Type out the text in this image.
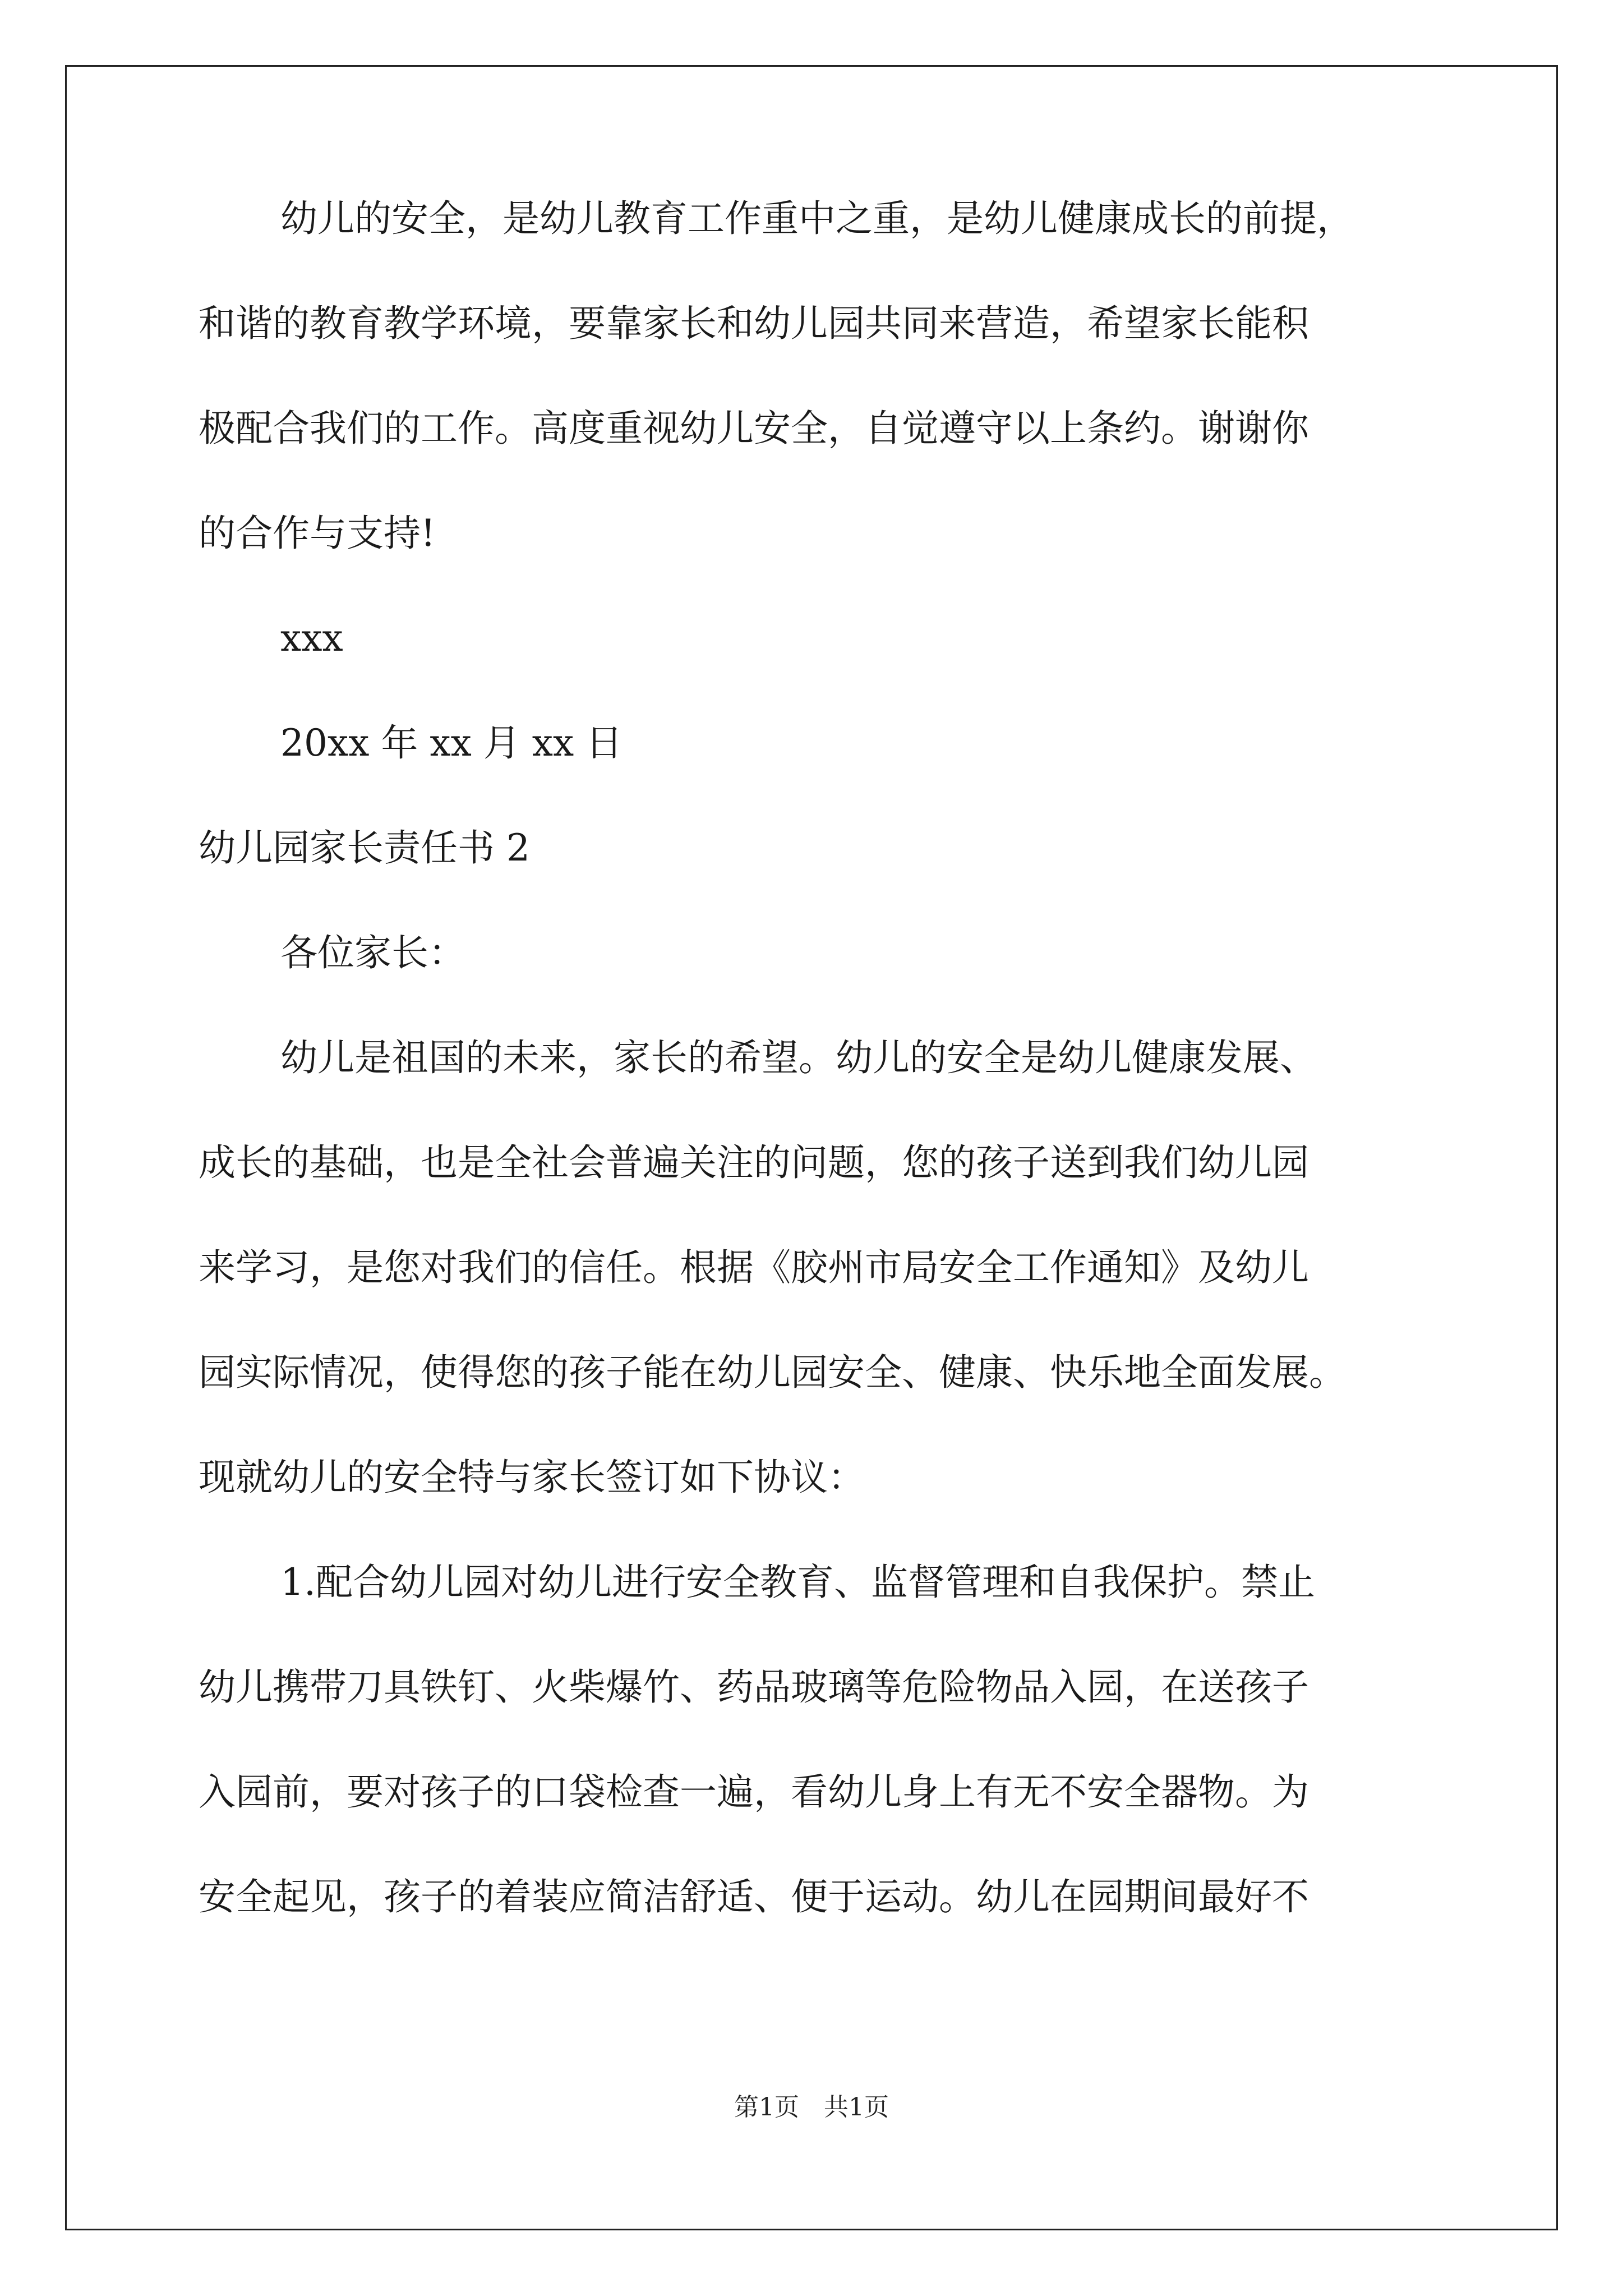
幼儿的安全，是幼儿教育工作重中之重，是幼儿健康成长的前提，
和谐的教育教学环境，要靠家长和幼儿园共同来营造，希望家长能积
极配合我们的工作。高度重视幼儿安全，自觉遵守以上条约。谢谢你
的合作与支持!
xxx
20xx 年 xx 月 xx 日
幼儿园家长责任书 2
各位家长：
幼儿是祖国的未来，家长的希望。幼儿的安全是幼儿健康发展、
成长的基础，也是全社会普遍关注的问题，您的孩子送到我们幼儿园
来学习，是您对我们的信任。根据《胶州市局安全工作通知》及幼儿
园实际情况，使得您的孩子能在幼儿园安全、健康、快乐地全面发展。
现就幼儿的安全特与家长签订如下协议：
1.配合幼儿园对幼儿进行安全教育、监督管理和自我保护。禁止
幼儿携带刀具铁钉、火柴爆竹、药品玻璃等危险物品入园，在送孩子
入园前，要对孩子的口袋检查一遍，看幼儿身上有无不安全器物。为
安全起见，孩子的着装应简洁舒适、便于运动。幼儿在园期间最好不
第1页　共1页
